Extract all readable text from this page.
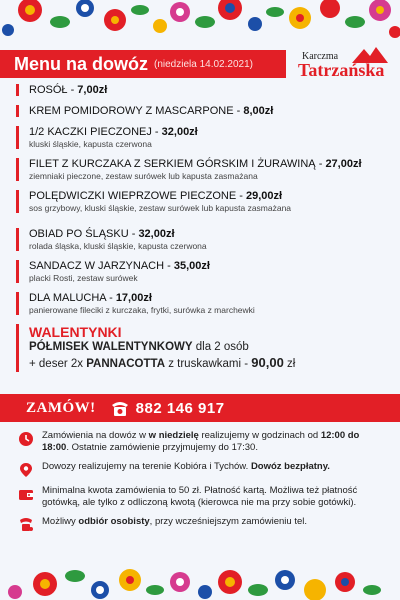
Menu na dowóz (niedziela 14.02.2021)
Karczma
Tatrzańska
ROSÓŁ - 7,00zł
KREM POMIDOROWY Z MASCARPONE - 8,00zł
1/2 KACZKI PIECZONEJ - 32,00zł
kluski śląskie, kapusta czerwona
FILET Z KURCZAKA Z SERKIEM GÓRSKIM I ŻURAWINĄ - 27,00zł
ziemniaki pieczone, zestaw surówek lub kapusta zasmażana
POLĘDWICZKI WIEPRZOWE PIECZONE - 29,00zł
sos grzybowy, kluski śląskie, zestaw surówek lub kapusta zasmażana
OBIAD PO ŚLĄSKU - 32,00zł
rolada śląska, kluski śląskie, kapusta czerwona
SANDACZ W JARZYNACH - 35,00zł
placki Rosti, zestaw surówek
DLA MALUCHA - 17,00zł
panierowane fileciki z kurczaka, frytki, surówka z marchewki
WALENTYNKI
PÓŁMISEK WALENTYNKOWY dla 2 osób
+ deser 2x PANNACOTTA z truskawkami - 90,00 zł
ZAMÓW!	882 146 917
Zamówienia na dowóz w w niedzielę realizujemy w godzinach od 12:00 do 18:00. Ostatnie zamówienie przyjmujemy do 17:30.
Dowozy realizujemy na terenie Kobióra i Tychów. Dowóz bezpłatny.
Minimalna kwota zamówienia to 50 zł. Płatność kartą. Możliwa też płatność gotówką, ale tylko z odliczoną kwotą (kierowca nie ma przy sobie gotówki).
Możliwy odbiór osobisty, przy wcześniejszym zamówieniu tel.
